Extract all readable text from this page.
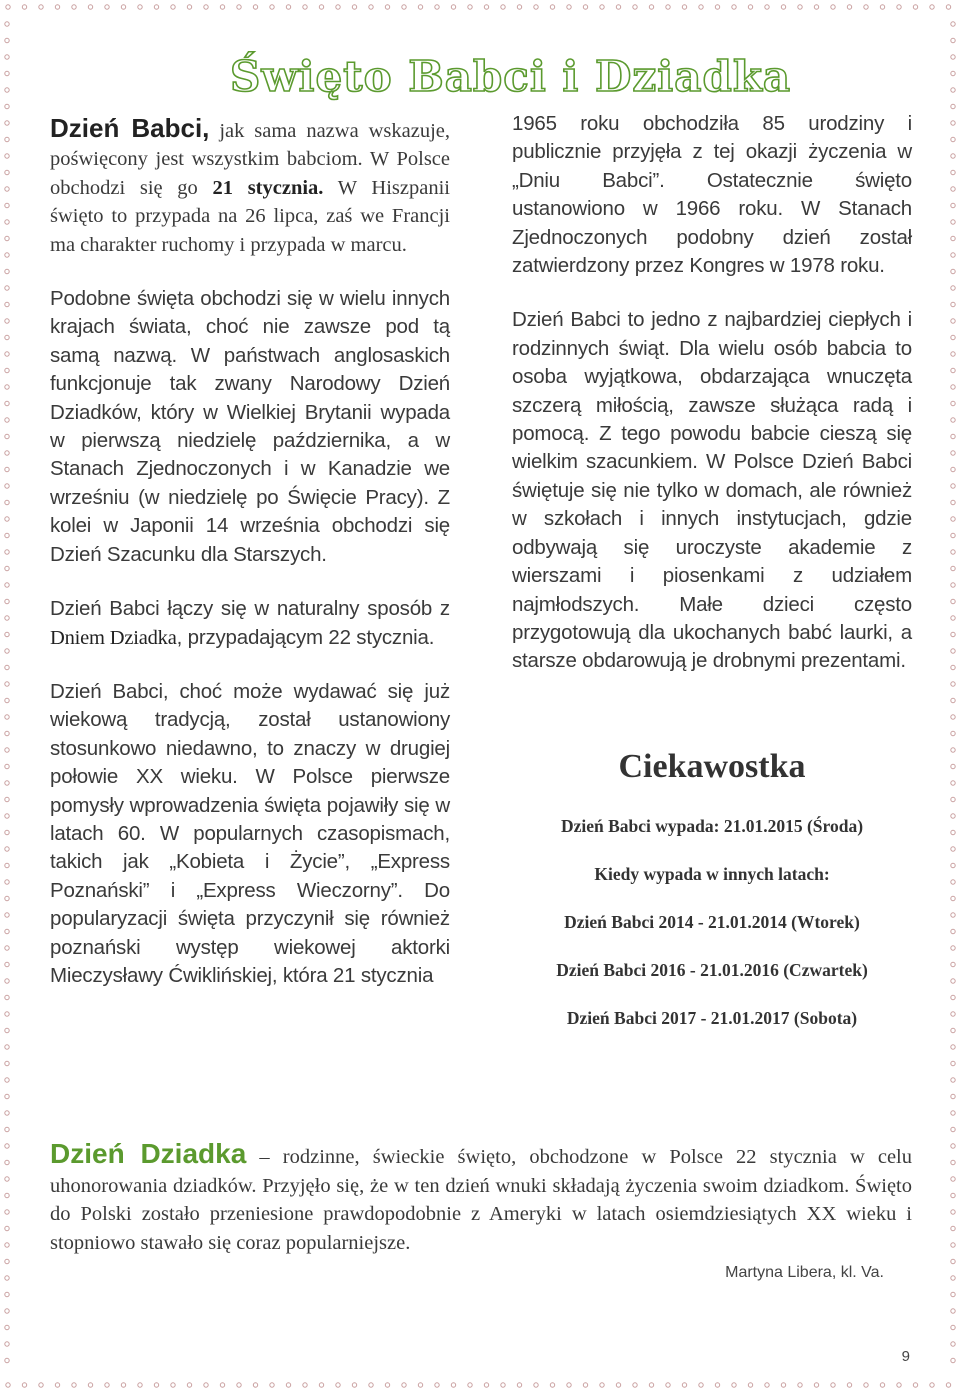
Święto Babci i Dziadka

Dzień Babci, jak sama nazwa wskazuje, poświęcony jest wszystkim babciom. W Polsce obchodzi się go 21 stycznia. W Hiszpanii święto to przypada na 26 lipca, zaś we Francji ma charakter ruchomy i przypada w marcu.

Podobne święta obchodzi się w wielu innych krajach świata, choć nie zawsze pod tą samą nazwą. W państwach anglosaskich funkcjonuje tak zwany Narodowy Dzień Dziadków, który w Wielkiej Brytanii wypada w pierwszą niedzielę października, a w Stanach Zjednoczonych i w Kanadzie we wrześniu (w niedzielę po Święcie Pracy). Z kolei w Japonii 14 września obchodzi się Dzień Szacunku dla Starszych.

Dzień Babci łączy się w naturalny sposób z Dniem Dziadka, przypadającym 22 stycznia.

Dzień Babci, choć może wydawać się już wiekową tradycją, został ustanowiony stosunkowo niedawno, to znaczy w drugiej połowie XX wieku. W Polsce pierwsze pomysły wprowadzenia święta pojawiły się w latach 60. W popularnych czasopismach, takich jak „Kobieta i Życie”, „Express Poznański” i „Express Wieczorny”. Do popularyzacji święta przyczynił się również poznański występ wiekowej aktorki Mieczysławy Ćwiklińskiej, która 21 stycznia

1965 roku obchodziła 85 urodziny i publicznie przyjęła z tej okazji życzenia w „Dniu Babci”. Ostatecznie święto ustanowiono w 1966 roku. W Stanach Zjednoczonych podobny dzień został zatwierdzony przez Kongres w 1978 roku.

Dzień Babci to jedno z najbardziej ciepłych i rodzinnych świąt. Dla wielu osób babcia to osoba wyjątkowa, obdarzająca wnuczęta szczerą miłością, zawsze służąca radą i pomocą. Z tego powodu babcie cieszą się wielkim szacunkiem. W Polsce Dzień Babci świętuje się nie tylko w domach, ale również w szkołach i innych instytucjach, gdzie odbywają się uroczyste akademie z wierszami i piosenkami z udziałem najmłodszych. Małe dzieci często przygotowują dla ukochanych babć laurki, a starsze obdarowują je drobnymi prezentami.

Ciekawostka
Dzień Babci wypada: 21.01.2015 (Środa)
Kiedy wypada w innych latach:
Dzień Babci 2014 - 21.01.2014 (Wtorek)
Dzień Babci 2016 - 21.01.2016 (Czwartek)
Dzień Babci 2017 - 21.01.2017 (Sobota)
Dzień Dziadka – rodzinne, świeckie święto, obchodzone w Polsce 22 stycznia w celu uhonorowania dziadków. Przyjęło się, że w ten dzień wnuki składają życzenia swoim dziadkom. Święto do Polski zostało przeniesione prawdopodobnie z Ameryki w latach osiemdziesiątych XX wieku i stopniowo stawało się coraz popularniejsze.
Martyna Libera, kl. Va.
9
